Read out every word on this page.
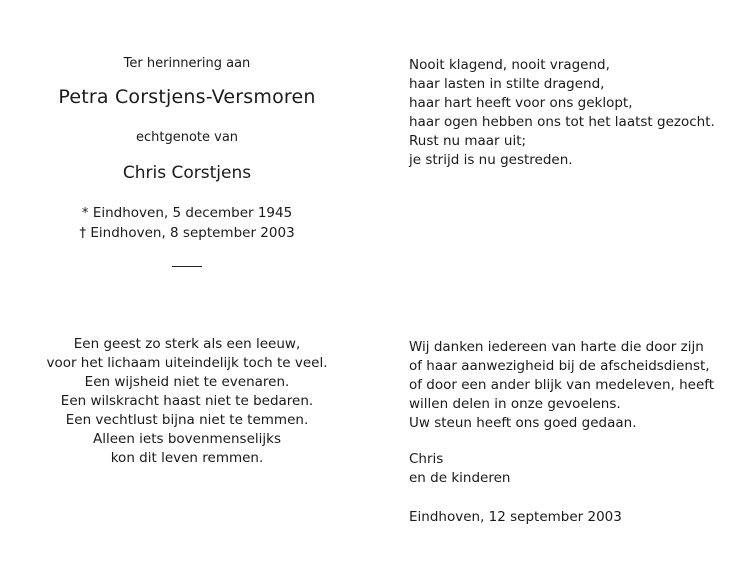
Ter herinnering aan
Petra Corstjens-Versmoren
echtgenote van
Chris Corstjens
* Eindhoven, 5 december 1945
† Eindhoven, 8 september 2003
Nooit klagend, nooit vragend,
haar lasten in stilte dragend,
haar hart heeft voor ons geklopt,
haar ogen hebben ons tot het laatst gezocht.
Rust nu maar uit;
je strijd is nu gestreden.
Een geest zo sterk als een leeuw,
voor het lichaam uiteindelijk toch te veel.
Een wijsheid niet te evenaren.
Een wilskracht haast niet te bedaren.
Een vechtlust bijna niet te temmen.
Alleen iets bovenmenselijks
kon dit leven remmen.
Wij danken iedereen van harte die door zijn
of haar aanwezigheid bij de afscheidsdienst,
of door een ander blijk van medeleven, heeft
willen delen in onze gevoelens.
Uw steun heeft ons goed gedaan.
Chris
en de kinderen
Eindhoven, 12 september 2003
